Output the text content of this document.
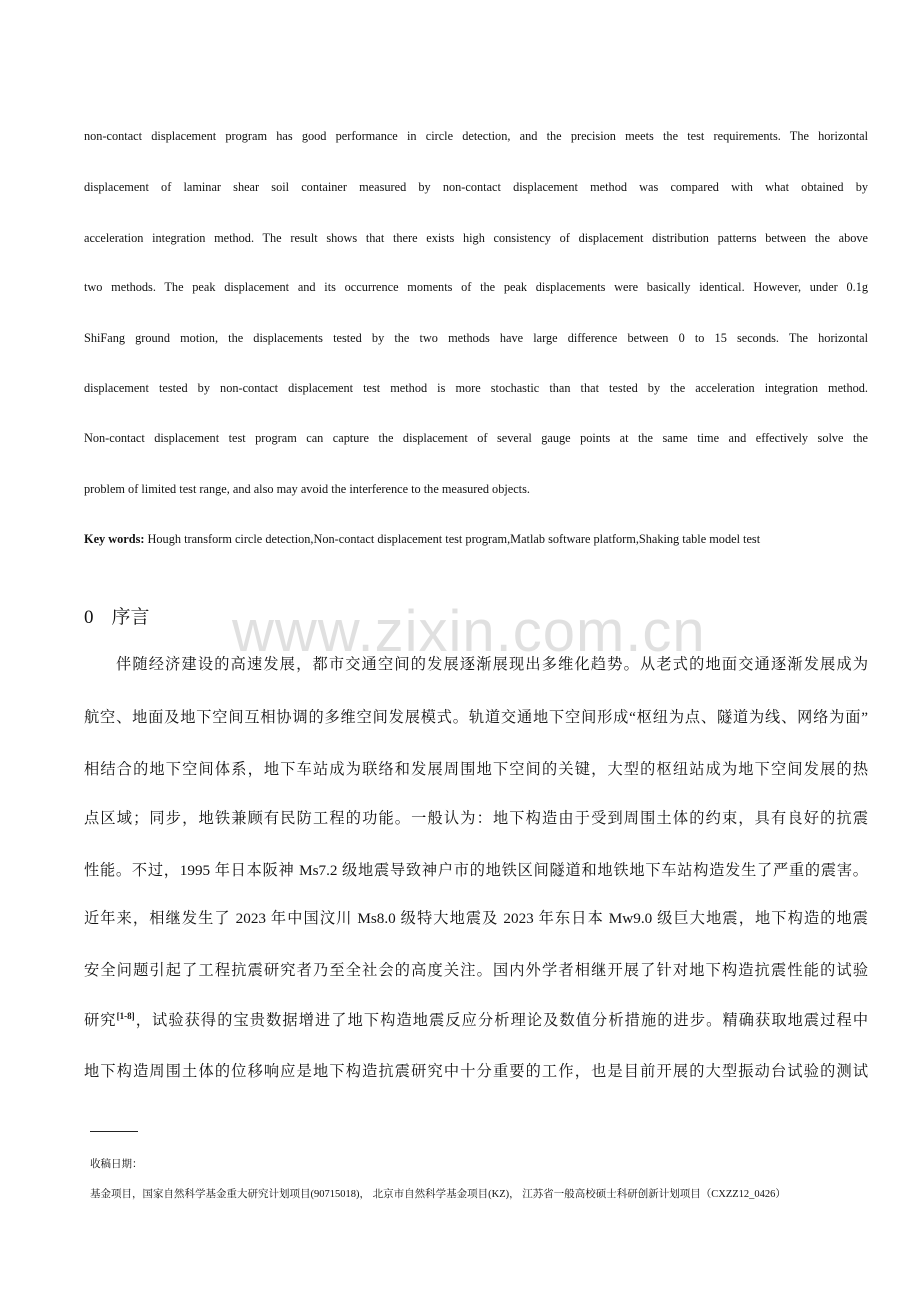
non-contact displacement program has good performance in circle detection, and the precision meets the test requirements. The horizontal
displacement of laminar shear soil container measured by non-contact displacement method was compared with what obtained by
acceleration integration method. The result shows that there exists high consistency of displacement distribution patterns between the above
two methods. The peak displacement and its occurrence moments of the peak displacements were basically identical. However, under 0.1g
ShiFang ground motion, the displacements tested by the two methods have large difference between 0 to 15 seconds. The horizontal
displacement tested by non-contact displacement test method is more stochastic than that tested by the acceleration integration method.
Non-contact displacement test program can capture the displacement of several gauge points at the same time and effectively solve the
problem of limited test range, and also may avoid the interference to the measured objects.
Key words: Hough transform circle detection,Non-contact displacement test program,Matlab software platform,Shaking table model test
0 序言
伴随经济建设的高速发展，都市交通空间的发展逐渐展现出多维化趋势。从老式的地面交通逐渐发展成为
航空、地面及地下空间互相协调的多维空间发展模式。轨道交通地下空间形成“枢纽为点、隧道为线、网络为面”
相结合的地下空间体系，地下车站成为联络和发展周围地下空间的关键，大型的枢纽站成为地下空间发展的热
点区域；同步，地铁兼顾有民防工程的功能。一般认为：地下构造由于受到周围土体的约束，具有良好的抗震
性能。不过，1995 年日本阪神 Ms7.2 级地震导致神户市的地铁区间隧道和地铁地下车站构造发生了严重的震害。
近年来，相继发生了 2023 年中国汶川 Ms8.0 级特大地震及 2023 年东日本 Mw9.0 级巨大地震，地下构造的地震
安全问题引起了工程抗震研究者乃至全社会的高度关注。国内外学者相继开展了针对地下构造抗震性能的试验
研究[1-8]，试验获得的宝贵数据增进了地下构造地震反应分析理论及数值分析措施的进步。精确获取地震过程中
地下构造周围土体的位移响应是地下构造抗震研究中十分重要的工作，也是目前开展的大型振动台试验的测试
www.zixin.com.cn
收稿日期：
基金项目，国家自然科学基金重大研究计划项目(90715018)， 北京市自然科学基金项目(KZ)， 江苏省一般高校硕士科研创新计划项目（CXZZ12_0426）
